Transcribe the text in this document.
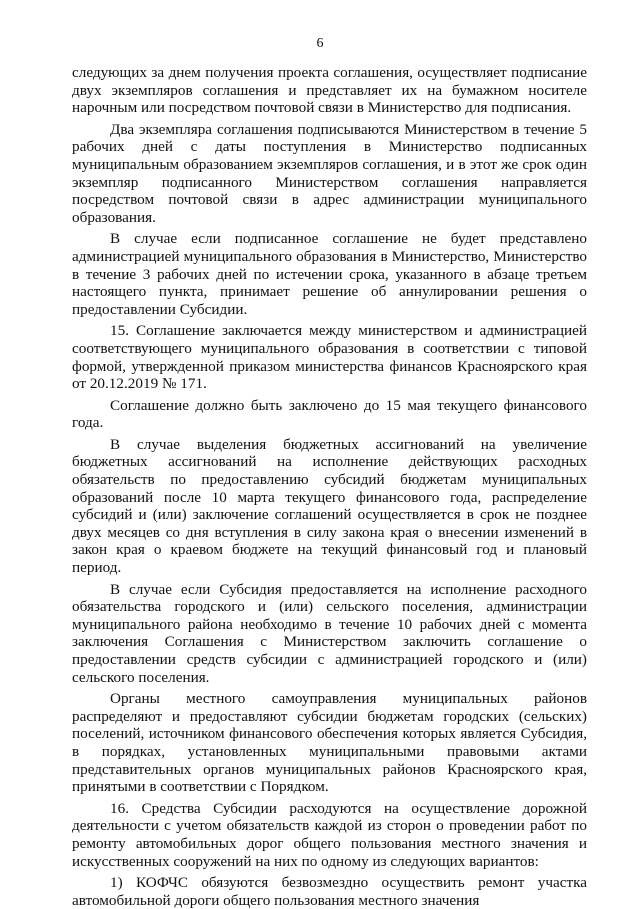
6

следующих за днем получения проекта соглашения, осуществляет подписание двух экземпляров соглашения и представляет их на бумажном носителе нарочным или посредством почтовой связи в Министерство для подписания.

Два экземпляра соглашения подписываются Министерством в течение 5 рабочих дней с даты поступления в Министерство подписанных муниципальным образованием экземпляров соглашения, и в этот же срок один экземпляр подписанного Министерством соглашения направляется посредством почтовой связи в адрес администрации муниципального образования.

В случае если подписанное соглашение не будет представлено администрацией муниципального образования в Министерство, Министерство в течение 3 рабочих дней по истечении срока, указанного в абзаце третьем настоящего пункта, принимает решение об аннулировании решения о предоставлении Субсидии.

15. Соглашение заключается между министерством и администрацией соответствующего муниципального образования в соответствии с типовой формой, утвержденной приказом министерства финансов Красноярского края от 20.12.2019 № 171.

Соглашение должно быть заключено до 15 мая текущего финансового года.

В случае выделения бюджетных ассигнований на увеличение бюджетных ассигнований на исполнение действующих расходных обязательств по предоставлению субсидий бюджетам муниципальных образований после 10 марта текущего финансового года, распределение субсидий и (или) заключение соглашений осуществляется в срок не позднее двух месяцев со дня вступления в силу закона края о внесении изменений в закон края о краевом бюджете на текущий финансовый год и плановый период.

В случае если Субсидия предоставляется на исполнение расходного обязательства городского и (или) сельского поселения, администрации муниципального района необходимо в течение 10 рабочих дней с момента заключения Соглашения с Министерством заключить соглашение о предоставлении средств субсидии с администрацией городского и (или) сельского поселения.

Органы местного самоуправления муниципальных районов распределяют и предоставляют субсидии бюджетам городских (сельских) поселений, источником финансового обеспечения которых является Субсидия, в порядках, установленных муниципальными правовыми актами представительных органов муниципальных районов Красноярского края, принятыми в соответствии с Порядком.

16. Средства Субсидии расходуются на осуществление дорожной деятельности с учетом обязательств каждой из сторон о проведении работ по ремонту автомобильных дорог общего пользования местного значения и искусственных сооружений на них по одному из следующих вариантов:

1) КОФЧС обязуются безвозмездно осуществить ремонт участка автомобильной дороги общего пользования местного значения
